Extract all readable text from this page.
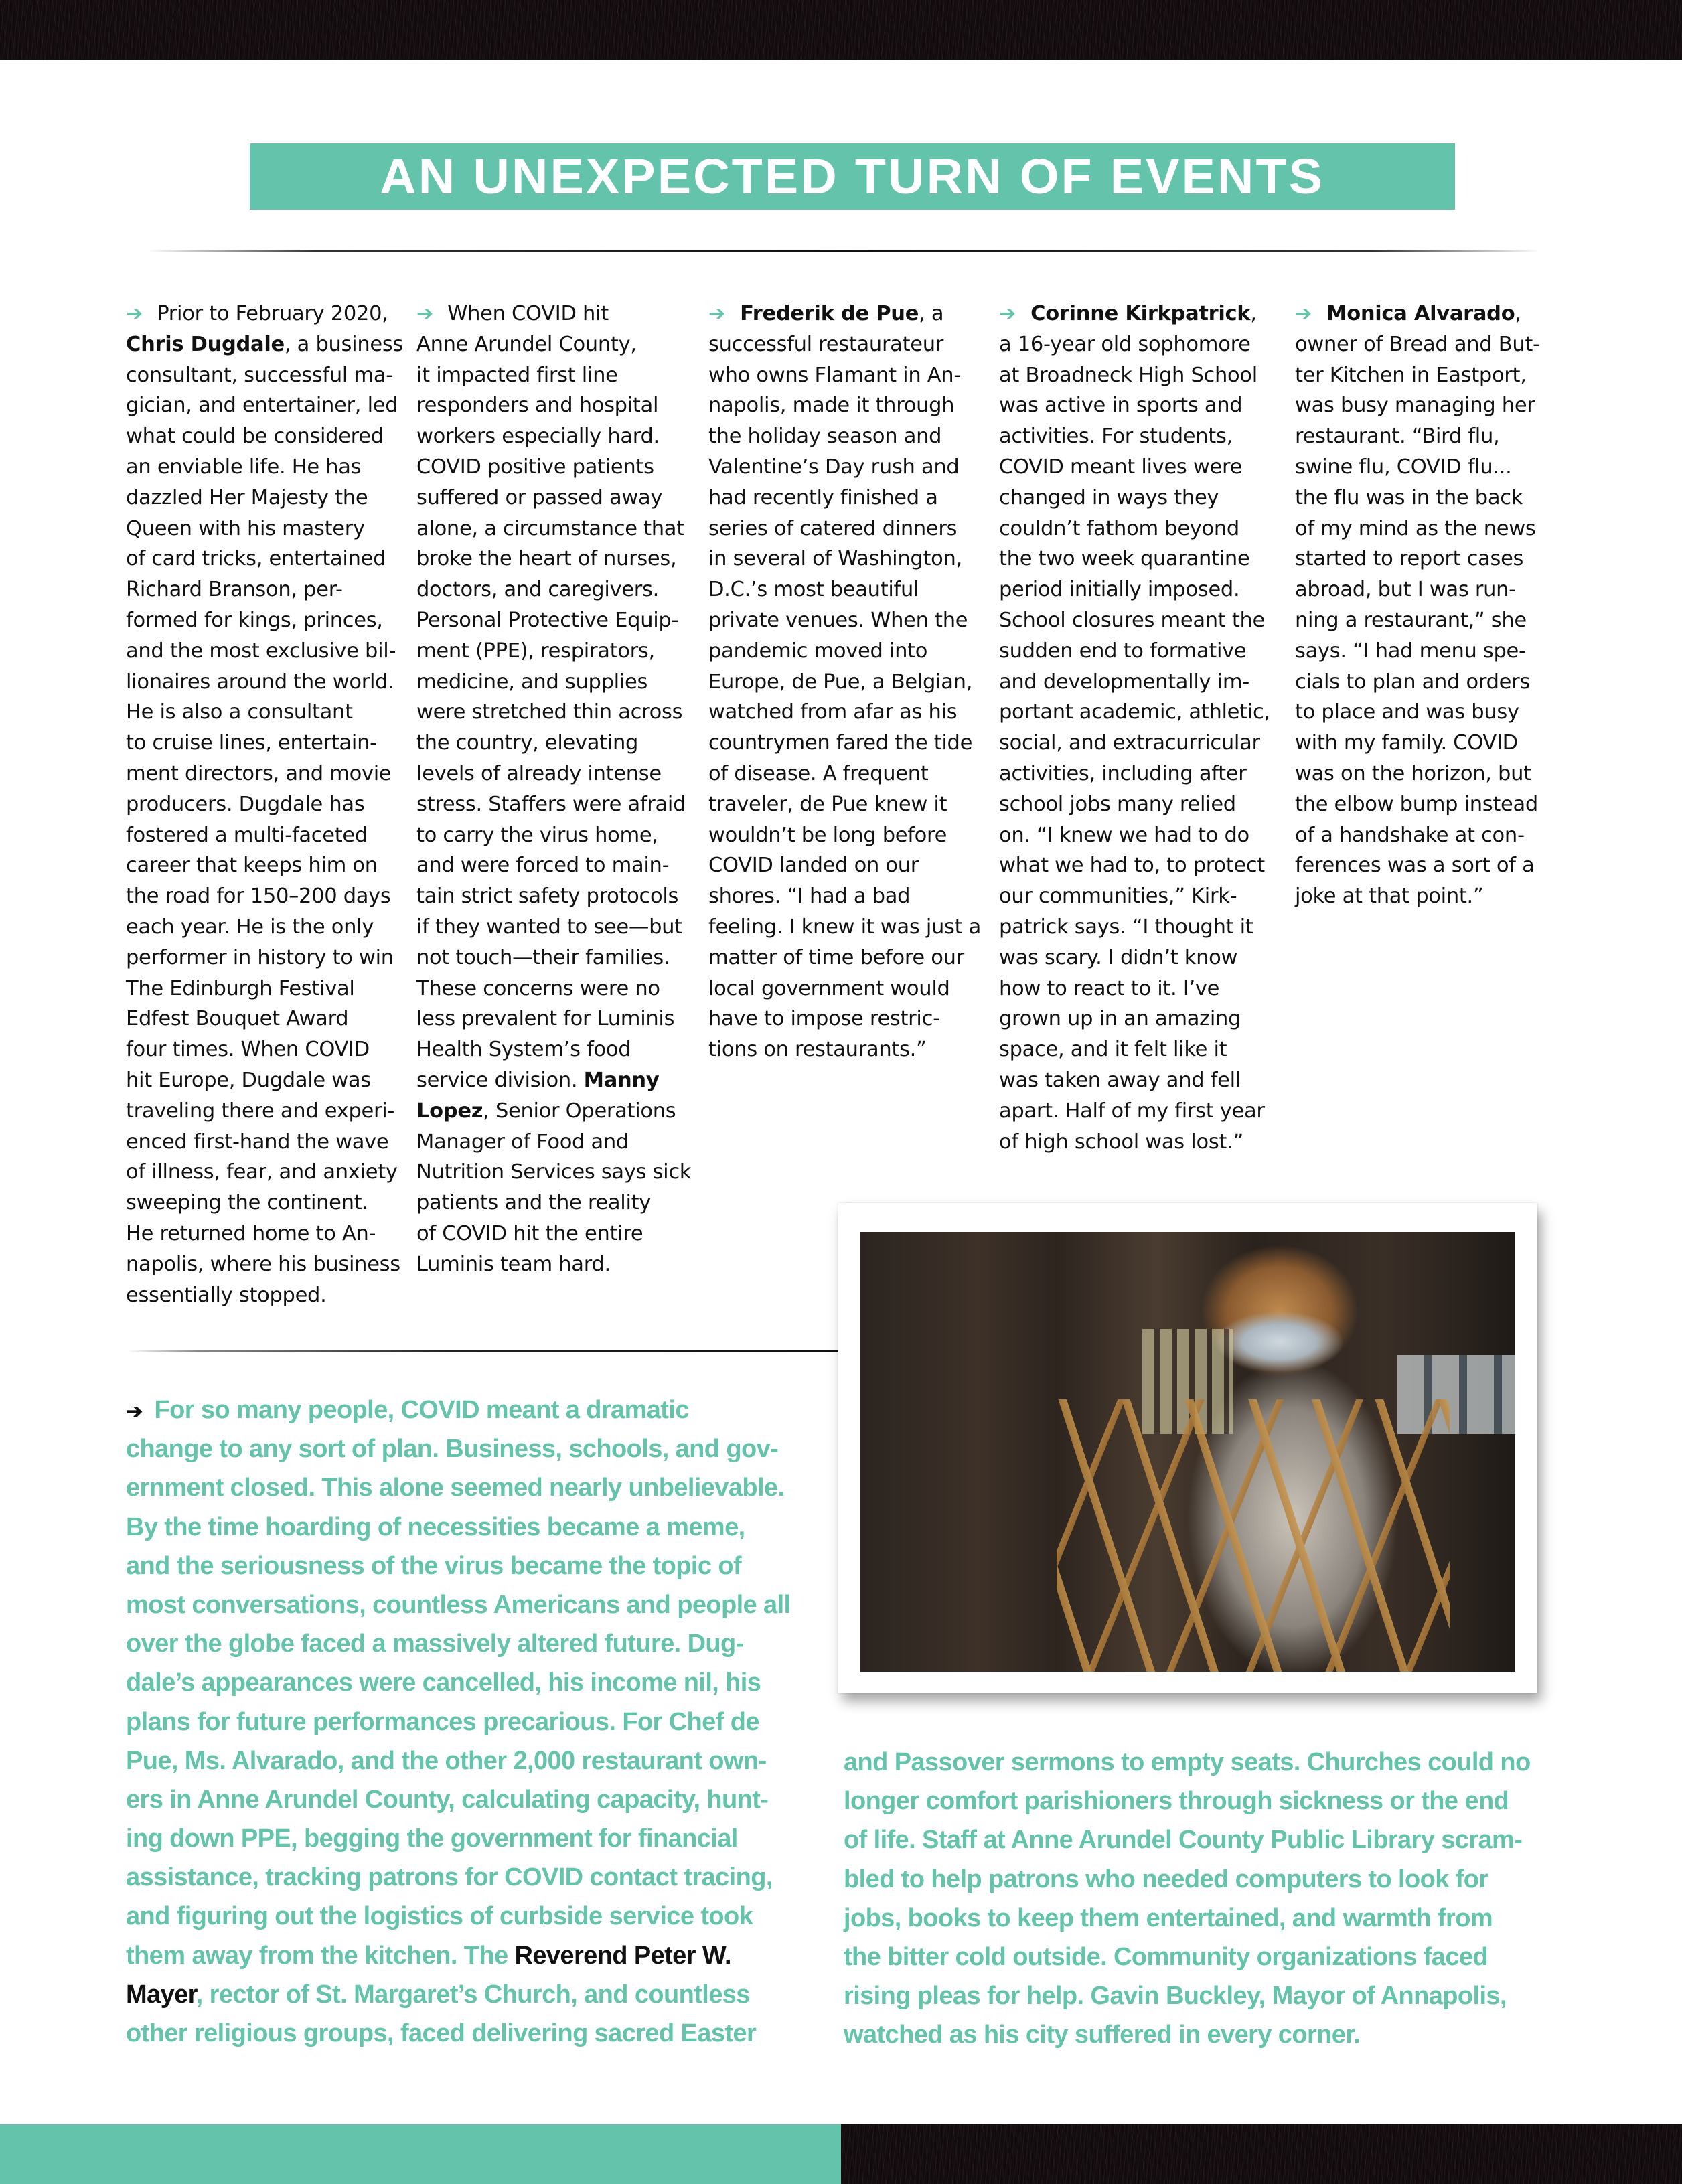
AN UNEXPECTED TURN OF EVENTS
➔ Prior to February 2020,
Chris Dugdale, a business
consultant, successful ma-
gician, and entertainer, led
what could be considered
an enviable life. He has
dazzled Her Majesty the
Queen with his mastery
of card tricks, entertained
Richard Branson, per-
formed for kings, princes,
and the most exclusive bil-
lionaires around the world.
He is also a consultant
to cruise lines, entertain-
ment directors, and movie
producers. Dugdale has
fostered a multi-faceted
career that keeps him on
the road for 150–200 days
each year. He is the only
performer in history to win
The Edinburgh Festival
Edfest Bouquet Award
four times. When COVID
hit Europe, Dugdale was
traveling there and experi-
enced first-hand the wave
of illness, fear, and anxiety
sweeping the continent.
He returned home to An-
napolis, where his business
essentially stopped.
➔ When COVID hit
Anne Arundel County,
it impacted first line
responders and hospital
workers especially hard.
COVID positive patients
suffered or passed away
alone, a circumstance that
broke the heart of nurses,
doctors, and caregivers.
Personal Protective Equip-
ment (PPE), respirators,
medicine, and supplies
were stretched thin across
the country, elevating
levels of already intense
stress. Staffers were afraid
to carry the virus home,
and were forced to main-
tain strict safety protocols
if they wanted to see—but
not touch—their families.
These concerns were no
less prevalent for Luminis
Health System’s food
service division. Manny
Lopez, Senior Operations
Manager of Food and
Nutrition Services says sick
patients and the reality
of COVID hit the entire
Luminis team hard.
➔ Frederik de Pue, a
successful restaurateur
who owns Flamant in An-
napolis, made it through
the holiday season and
Valentine’s Day rush and
had recently finished a
series of catered dinners
in several of Washington,
D.C.’s most beautiful
private venues. When the
pandemic moved into
Europe, de Pue, a Belgian,
watched from afar as his
countrymen fared the tide
of disease. A frequent
traveler, de Pue knew it
wouldn’t be long before
COVID landed on our
shores. “I had a bad
feeling. I knew it was just a
matter of time before our
local government would
have to impose restric-
tions on restaurants.”
➔ Corinne Kirkpatrick,
a 16-year old sophomore
at Broadneck High School
was active in sports and
activities. For students,
COVID meant lives were
changed in ways they
couldn’t fathom beyond
the two week quarantine
period initially imposed.
School closures meant the
sudden end to formative
and developmentally im-
portant academic, athletic,
social, and extracurricular
activities, including after
school jobs many relied
on. “I knew we had to do
what we had to, to protect
our communities,” Kirk-
patrick says. “I thought it
was scary. I didn’t know
how to react to it. I’ve
grown up in an amazing
space, and it felt like it
was taken away and fell
apart. Half of my first year
of high school was lost.”
➔ Monica Alvarado,
owner of Bread and But-
ter Kitchen in Eastport,
was busy managing her
restaurant. “Bird flu,
swine flu, COVID flu...
the flu was in the back
of my mind as the news
started to report cases
abroad, but I was run-
ning a restaurant,” she
says. “I had menu spe-
cials to plan and orders
to place and was busy
with my family. COVID
was on the horizon, but
the elbow bump instead
of a handshake at con-
ferences was a sort of a
joke at that point.”
➔ For so many people, COVID meant a dramatic
change to any sort of plan. Business, schools, and gov-
ernment closed. This alone seemed nearly unbelievable.
By the time hoarding of necessities became a meme,
and the seriousness of the virus became the topic of
most conversations, countless Americans and people all
over the globe faced a massively altered future. Dug-
dale’s appearances were cancelled, his income nil, his
plans for future performances precarious. For Chef de
Pue, Ms. Alvarado, and the other 2,000 restaurant own-
ers in Anne Arundel County, calculating capacity, hunt-
ing down PPE, begging the government for financial
assistance, tracking patrons for COVID contact tracing,
and figuring out the logistics of curbside service took
them away from the kitchen. The Reverend Peter W.
Mayer, rector of St. Margaret’s Church, and countless
other religious groups, faced delivering sacred Easter
and Passover sermons to empty seats. Churches could no
longer comfort parishioners through sickness or the end
of life. Staff at Anne Arundel County Public Library scram-
bled to help patrons who needed computers to look for
jobs, books to keep them entertained, and warmth from
the bitter cold outside. Community organizations faced
rising pleas for help. Gavin Buckley, Mayor of Annapolis,
watched as his city suffered in every corner.
